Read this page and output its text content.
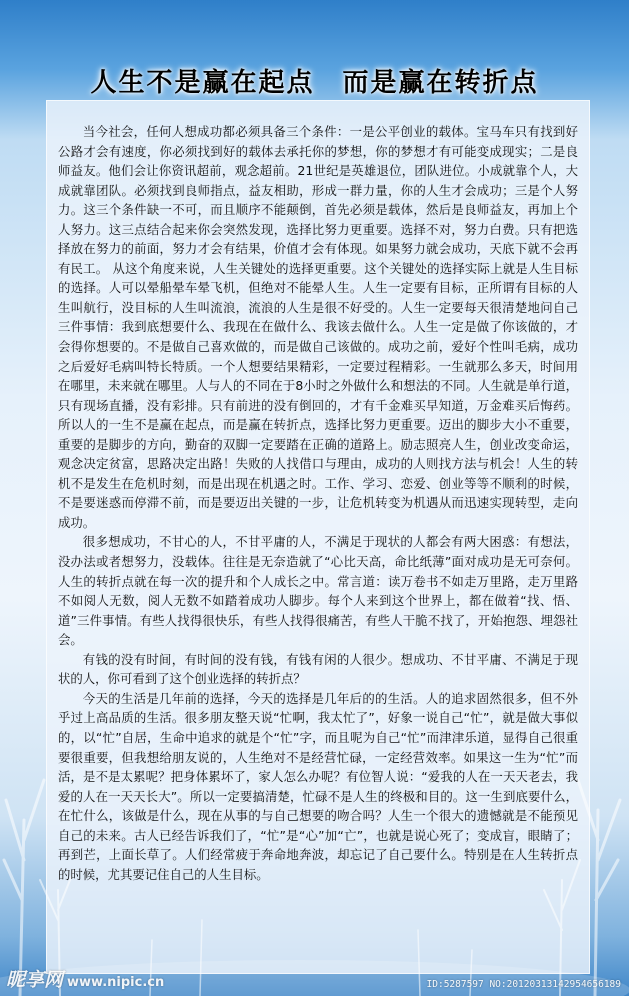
人生不是赢在起点　而是赢在转折点

当今社会，任何人想成功都必须具备三个条件：一是公平创业的载体。宝马车只有找到好公路才会有速度，你必须找到好的载体去承托你的梦想，你的梦想才有可能变成现实；二是良师益友。他们会让你资讯超前，观念超前。21世纪是英雄退位，团队进位。小成就靠个人，大成就靠团队。必须找到良师指点，益友相助，形成一群力量，你的人生才会成功；三是个人努力。这三个条件缺一不可，而且顺序不能颠倒，首先必须是载体，然后是良师益友，再加上个人努力。这三点结合起来你会突然发现，选择比努力更重要。选择不对，努力白费。只有把选择放在努力的前面，努力才会有结果，价值才会有体现。如果努力就会成功，天底下就不会再有民工。 从这个角度来说，人生关键处的选择更重要。这个关键处的选择实际上就是人生目标的选择。人可以晕船晕车晕飞机，但绝对不能晕人生。人生一定要有目标，正所谓有目标的人生叫航行，没目标的人生叫流浪，流浪的人生是很不好受的。人生一定要每天很清楚地问自己三件事情：我到底想要什么、我现在在做什么、我该去做什么。人生一定是做了你该做的，才会得你想要的。不是做自己喜欢做的，而是做自己该做的。成功之前，爱好个性叫毛病，成功之后爱好毛病叫特长特质。一个人想要结果精彩，一定要过程精彩。一生就那么多天，时间用在哪里，未来就在哪里。人与人的不同在于8小时之外做什么和想法的不同。人生就是单行道，只有现场直播，没有彩排。只有前进的没有倒回的，才有千金难买早知道，万金难买后悔药。所以人的一生不是赢在起点，而是赢在转折点，选择比努力更重要。迈出的脚步大小不重要，重要的是脚步的方向，勤奋的双脚一定要踏在正确的道路上。励志照亮人生，创业改变命运，观念决定贫富，思路决定出路！失败的人找借口与理由，成功的人则找方法与机会！人生的转机不是发生在危机时刻，而是出现在机遇之时。工作、学习、恋爱、创业等等不顺利的时候，不是要迷惑而停滞不前，而是要迈出关键的一步，让危机转变为机遇从而迅速实现转型，走向成功。

很多想成功，不甘心的人，不甘平庸的人，不满足于现状的人都会有两大困惑：有想法，没办法或者想努力，没载体。往往是无奈造就了“心比天高，命比纸薄”面对成功是无可奈何。人生的转折点就在每一次的提升和个人成长之中。常言道：读万卷书不如走万里路，走万里路不如阅人无数，阅人无数不如踏着成功人脚步。每个人来到这个世界上，都在做着“找、悟、道”三件事情。有些人找得很快乐，有些人找得很痛苦，有些人干脆不找了，开始抱怨、埋怨社会。

有钱的没有时间，有时间的没有钱，有钱有闲的人很少。想成功、不甘平庸、不满足于现状的人，你可看到了这个创业选择的转折点？

今天的生活是几年前的选择，今天的选择是几年后的的生活。人的追求固然很多，但不外乎过上高品质的生活。很多朋友整天说“忙啊，我太忙了”，好象一说自己“忙”，就是做大事似的，以“忙”自居，生命中追求的就是个“忙”字，而且呢为自己“忙”而津津乐道，显得自己很重要很重要，但我想给朋友说的，人生绝对不是经营忙碌，一定经营效率。如果这一生为“忙”而活，是不是太累呢？把身体累坏了，家人怎么办呢？有位智人说：“爱我的人在一天天老去，我爱的人在一天天长大”。所以一定要搞清楚，忙碌不是人生的终极和目的。这一生到底要什么，在忙什么，该做是什么，现在从事的与自己想要的吻合吗？人生一个很大的遗憾就是不能预见自己的未来。古人已经告诉我们了，“忙”是“心”加“亡”，也就是说心死了；变成盲，眼睛了；再到芒，上面长草了。人们经常疲于奔命地奔波，却忘记了自己要什么。特别是在人生转折点的时候，尤其要记住自己的人生目标。

昵享网 www.nipic.cn	ID:5287597 NO:20120313142954656189
